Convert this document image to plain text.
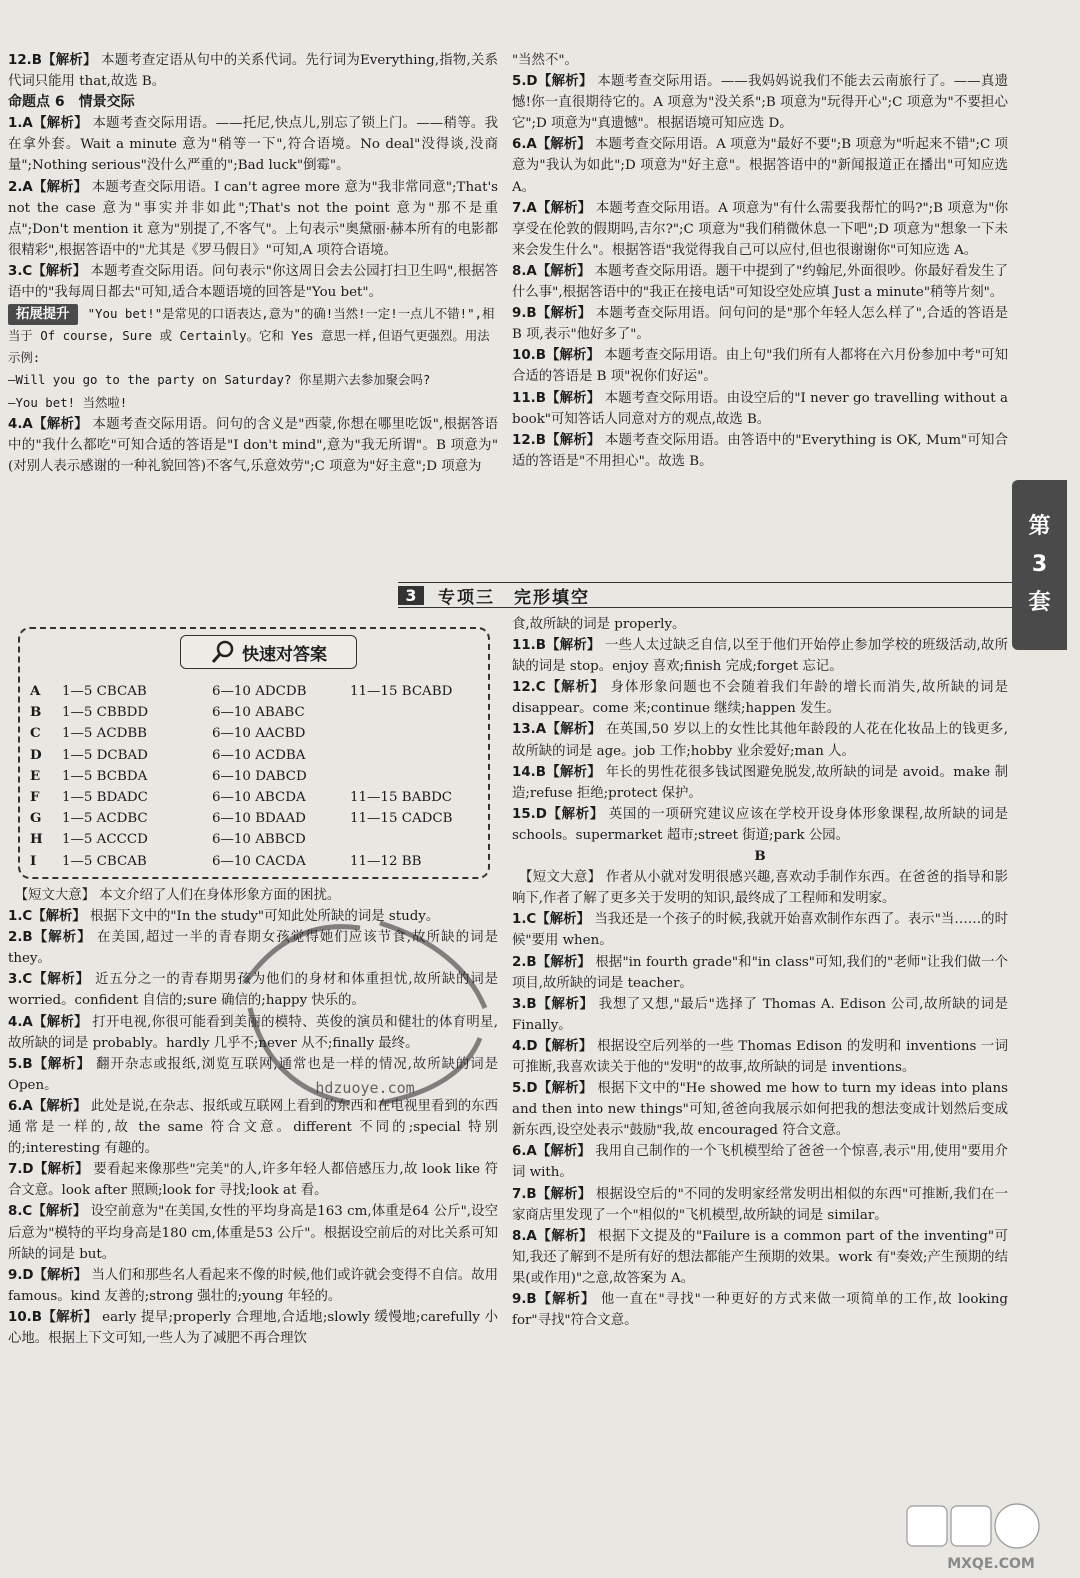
12.B【解析】 本题考查定语从句中的关系代词。先行词为Everything,指物,关系代词只能用 that,故选 B。

命题点 6　情景交际

1.A【解析】 本题考查交际用语。——托尼,快点儿,别忘了锁上门。——稍等。我在拿外套。Wait a minute 意为"稍等一下",符合语境。No deal"没得谈,没商量";Nothing serious"没什么严重的";Bad luck"倒霉"。

2.A【解析】 本题考查交际用语。I can't agree more 意为"我非常同意";That's not the case 意为"事实并非如此";That's not the point 意为"那不是重点";Don't mention it 意为"别提了,不客气"。上句表示"奥黛丽·赫本所有的电影都很精彩",根据答语中的"尤其是《罗马假日》"可知,A 项符合语境。

3.C【解析】 本题考查交际用语。问句表示"你这周日会去公园打扫卫生吗",根据答语中的"我每周日都去"可知,适合本题语境的回答是"You bet"。

拓展提升 "You bet!"是常见的口语表达,意为"的确!当然!一定!一点儿不错!",相当于 Of course, Sure 或 Certainly。它和 Yes 意思一样,但语气更强烈。用法示例:

—Will you go to the party on Saturday? 你星期六去参加聚会吗?

—You bet! 当然啦!

4.A【解析】 本题考查交际用语。问句的含义是"西蒙,你想在哪里吃饭",根据答语中的"我什么都吃"可知合适的答语是"I don't mind",意为"我无所谓"。B 项意为"(对别人表示感谢的一种礼貌回答)不客气,乐意效劳";C 项意为"好主意";D 项意为

"当然不"。

5.D【解析】 本题考查交际用语。——我妈妈说我们不能去云南旅行了。——真遗憾!你一直很期待它的。A 项意为"没关系";B 项意为"玩得开心";C 项意为"不要担心它";D 项意为"真遗憾"。根据语境可知应选 D。

6.A【解析】 本题考查交际用语。A 项意为"最好不要";B 项意为"听起来不错";C 项意为"我认为如此";D 项意为"好主意"。根据答语中的"新闻报道正在播出"可知应选 A。

7.A【解析】 本题考查交际用语。A 项意为"有什么需要我帮忙的吗?";B 项意为"你享受在伦敦的假期吗,吉尔?";C 项意为"我们稍微休息一下吧";D 项意为"想象一下未来会发生什么"。根据答语"我觉得我自己可以应付,但也很谢谢你"可知应选 A。

8.A【解析】 本题考查交际用语。题干中提到了"约翰尼,外面很吵。你最好看发生了什么事",根据答语中的"我正在接电话"可知设空处应填 Just a minute"稍等片刻"。

9.B【解析】 本题考查交际用语。问句问的是"那个年轻人怎么样了",合适的答语是 B 项,表示"他好多了"。

10.B【解析】 本题考查交际用语。由上句"我们所有人都将在六月份参加中考"可知合适的答语是 B 项"祝你们好运"。

11.B【解析】 本题考查交际用语。由设空后的"I never go travelling without a book"可知答话人同意对方的观点,故选 B。

12.B【解析】 本题考查交际用语。由答语中的"Everything is OK, Mum"可知合适的答语是"不用担心"。故选 B。

3	专项三　完形填空
快速对答案
A	1—5 CBCAB	6—10 ADCDB	11—15 BCABD
B	1—5 CBBDD	6—10 ABABC
C	1—5 ACDBB	6—10 AACBD
D	1—5 DCBAD	6—10 ACDBA
E	1—5 BCBDA	6—10 DABCD
F	1—5 BDADC	6—10 ABCDA	11—15 BABDC
G	1—5 ACDBC	6—10 BDAAD	11—15 CADCB
H	1—5 ACCCD	6—10 ABBCD
I	1—5 CBCAB	6—10 CACDA	11—12 BB

　【短文大意】 本文介绍了人们在身体形象方面的困扰。

1.C【解析】 根据下文中的"In the study"可知此处所缺的词是 study。

2.B【解析】 在美国,超过一半的青春期女孩觉得她们应该节食,故所缺的词是 they。

3.C【解析】 近五分之一的青春期男孩为他们的身材和体重担忧,故所缺的词是 worried。confident 自信的;sure 确信的;happy 快乐的。

4.A【解析】 打开电视,你很可能看到美丽的模特、英俊的演员和健壮的体育明星,故所缺的词是 probably。hardly 几乎不;never 从不;finally 最终。

5.B【解析】 翻开杂志或报纸,浏览互联网,通常也是一样的情况,故所缺的词是 Open。

6.A【解析】 此处是说,在杂志、报纸或互联网上看到的东西和在电视里看到的东西通常是一样的,故 the same 符合文意。different 不同的;special 特别的;interesting 有趣的。

7.D【解析】 要看起来像那些"完美"的人,许多年轻人都倍感压力,故 look like 符合文意。look after 照顾;look for 寻找;look at 看。

8.C【解析】 设空前意为"在美国,女性的平均身高是163 cm,体重是64 公斤",设空后意为"模特的平均身高是180 cm,体重是53 公斤"。根据设空前后的对比关系可知所缺的词是 but。

9.D【解析】 当人们和那些名人看起来不像的时候,他们或许就会变得不自信。故用 famous。kind 友善的;strong 强壮的;young 年轻的。

10.B【解析】 early 提早;properly 合理地,合适地;slowly 缓慢地;carefully 小心地。根据上下文可知,一些人为了减肥不再合理饮

食,故所缺的词是 properly。

11.B【解析】 一些人太过缺乏自信,以至于他们开始停止参加学校的班级活动,故所缺的词是 stop。enjoy 喜欢;finish 完成;forget 忘记。

12.C【解析】 身体形象问题也不会随着我们年龄的增长而消失,故所缺的词是 disappear。come 来;continue 继续;happen 发生。

13.A【解析】 在英国,50 岁以上的女性比其他年龄段的人花在化妆品上的钱更多,故所缺的词是 age。job 工作;hobby 业余爱好;man 人。

14.B【解析】 年长的男性花很多钱试图避免脱发,故所缺的词是 avoid。make 制造;refuse 拒绝;protect 保护。

15.D【解析】 英国的一项研究建议应该在学校开设身体形象课程,故所缺的词是 schools。supermarket 超市;street 街道;park 公园。

B

　【短文大意】 作者从小就对发明很感兴趣,喜欢动手制作东西。在爸爸的指导和影响下,作者了解了更多关于发明的知识,最终成了工程师和发明家。

1.C【解析】 当我还是一个孩子的时候,我就开始喜欢制作东西了。表示"当……的时候"要用 when。

2.B【解析】 根据"in fourth grade"和"in class"可知,我们的"老师"让我们做一个项目,故所缺的词是 teacher。

3.B【解析】 我想了又想,"最后"选择了 Thomas A. Edison 公司,故所缺的词是 Finally。

4.D【解析】 根据设空后列举的一些 Thomas Edison 的发明和 inventions 一词可推断,我喜欢读关于他的"发明"的故事,故所缺的词是 inventions。

5.D【解析】 根据下文中的"He showed me how to turn my ideas into plans and then into new things"可知,爸爸向我展示如何把我的想法变成计划然后变成新东西,设空处表示"鼓励"我,故 encouraged 符合文意。

6.A【解析】 我用自己制作的一个飞机模型给了爸爸一个惊喜,表示"用,使用"要用介词 with。

7.B【解析】 根据设空后的"不同的发明家经常发明出相似的东西"可推断,我们在一家商店里发现了一个"相似的"飞机模型,故所缺的词是 similar。

8.A【解析】 根据下文提及的"Failure is a common part of the inventing"可知,我还了解到不是所有好的想法都能产生预期的效果。work 有"奏效;产生预期的结果(或作用)"之意,故答案为 A。

9.B【解析】 他一直在"寻找"一种更好的方式来做一项简单的工作,故 looking for"寻找"符合文意。

第
3
套
hdzuoye.com
MXQE.COM
